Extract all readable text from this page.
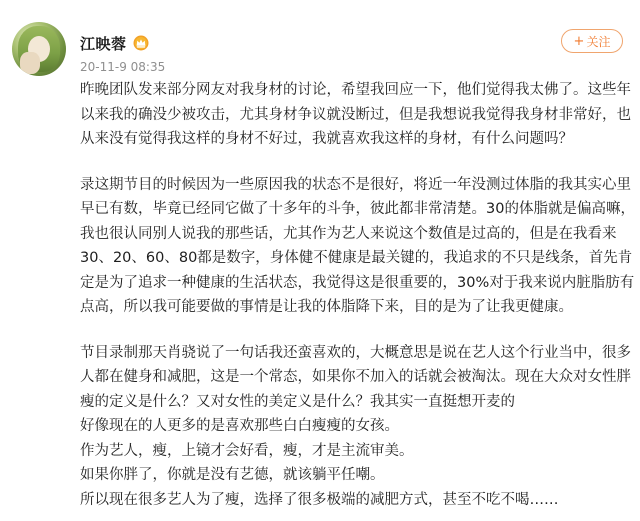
江映蓉
20-11-9 08:35
+ 关注
昨晚团队发来部分网友对我身材的讨论，希望我回应一下，他们觉得我太佛了。这些年
以来我的确没少被攻击，尤其身材争议就没断过，但是我想说我觉得我身材非常好，也
从来没有觉得我这样的身材不好过，我就喜欢我这样的身材，有什么问题吗？
录这期节目的时候因为一些原因我的状态不是很好，将近一年没测过体脂的我其实心里
早已有数，毕竟已经同它做了十多年的斗争，彼此都非常清楚。30的体脂就是偏高嘛，
我也很认同别人说我的那些话，尤其作为艺人来说这个数值是过高的，但是在我看来
30、20、60、80都是数字，身体健不健康是最关键的，我追求的不只是线条，首先肯
定是为了追求一种健康的生活状态，我觉得这是很重要的，30%对于我来说内脏脂肪有
点高，所以我可能要做的事情是让我的体脂降下来，目的是为了让我更健康。
节目录制那天肖骁说了一句话我还蛮喜欢的，大概意思是说在艺人这个行业当中，很多
人都在健身和减肥，这是一个常态，如果你不加入的话就会被淘汰。现在大众对女性胖
瘦的定义是什么？又对女性的美定义是什么？我其实一直挺想开麦的
好像现在的人更多的是喜欢那些白白瘦瘦的女孩。
作为艺人，瘦，上镜才会好看，瘦，才是主流审美。
如果你胖了，你就是没有艺德，就该躺平任嘲。
所以现在很多艺人为了瘦，选择了很多极端的减肥方式，甚至不吃不喝……
